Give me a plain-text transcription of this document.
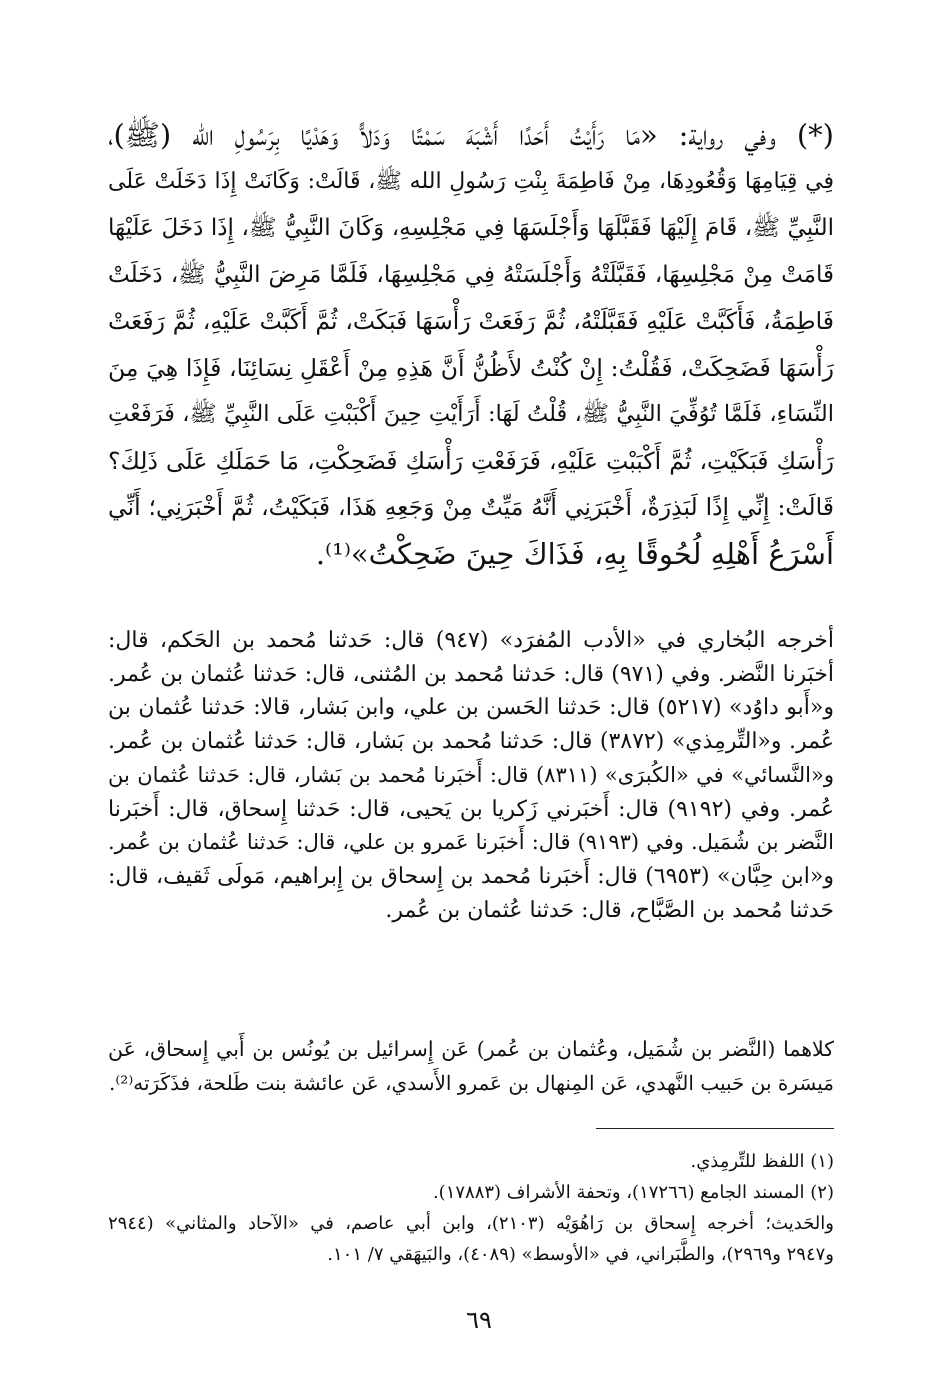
(*) وفي رواية: «مَا رَأَيْتُ أَحَدًا أَشْبَهَ سَمْتًا وَدَلاًّ وَهَدْيًا بِرَسُولِ الله (ﷺ)،
فِي قِيَامِهَا وَقُعُودِهَا، مِنْ فَاطِمَةَ بِنْتِ رَسُولِ الله ﷺ، قَالَتْ: وَكَانَتْ إِذَا دَخَلَتْ عَلَى
النَّبِيِّ ﷺ، قَامَ إِلَيْهَا فَقَبَّلَهَا وَأَجْلَسَهَا فِي مَجْلِسِهِ، وَكَانَ النَّبِيُّ ﷺ، إِذَا دَخَلَ عَلَيْهَا
قَامَتْ مِنْ مَجْلِسِهَا، فَقَبَّلَتْهُ وَأَجْلَسَتْهُ فِي مَجْلِسِهَا، فَلَمَّا مَرِضَ النَّبِيُّ ﷺ، دَخَلَتْ
فَاطِمَةُ، فَأَكَبَّتْ عَلَيْهِ فَقَبَّلَتْهُ، ثُمَّ رَفَعَتْ رَأْسَهَا فَبَكَتْ، ثُمَّ أَكَبَّتْ عَلَيْهِ، ثُمَّ رَفَعَتْ
رَأْسَهَا فَضَحِكَتْ، فَقُلْتُ: إِنْ كُنْتُ لأَظُنُّ أَنَّ هَذِهِ مِنْ أَعْقَلِ نِسَائِنَا، فَإِذَا هِيَ مِنَ
النِّسَاءِ، فَلَمَّا تُوُفِّيَ النَّبِيُّ ﷺ، قُلْتُ لَهَا: أَرَأَيْتِ حِينَ أَكْبَبْتِ عَلَى النَّبِيِّ ﷺ، فَرَفَعْتِ
رَأْسَكِ فَبَكَيْتِ، ثُمَّ أَكْبَبْتِ عَلَيْهِ، فَرَفَعْتِ رَأْسَكِ فَضَحِكْتِ، مَا حَمَلَكِ عَلَى ذَلِكَ؟
قَالَتْ: إِنِّي إِذًا لَبَذِرَةٌ، أَخْبَرَنِي أَنَّهُ مَيِّتٌ مِنْ وَجَعِهِ هَذَا، فَبَكَيْتُ، ثُمَّ أَخْبَرَنِي؛ أَنِّي
أَسْرَعُ أَهْلِهِ لُحُوقًا بِهِ، فَذَاكَ حِينَ ضَحِكْتُ»⁽¹⁾.
أخرجه البُخاري في «الأدب المُفرَد» (٩٤٧) قال: حَدثنا مُحمد بن الحَكم، قال:
أخبَرنا النَّضر. وفي (٩٧١) قال: حَدثنا مُحمد بن المُثنى، قال: حَدثنا عُثمان بن عُمر.
و«أَبو داوُد» (٥٢١٧) قال: حَدثنا الحَسن بن علي، وابن بَشار، قالا: حَدثنا عُثمان بن
عُمر. و«التِّرمِذي» (٣٨٧٢) قال: حَدثنا مُحمد بن بَشار، قال: حَدثنا عُثمان بن عُمر.
و«النَّسائي» في «الكُبرَى» (٨٣١١) قال: أَخبَرنا مُحمد بن بَشار، قال: حَدثنا عُثمان بن
عُمر. وفي (٩١٩٢) قال: أَخبَرني زَكريا بن يَحيى، قال: حَدثنا إِسحاق، قال: أَخبَرنا
النَّضر بن شُمَيل. وفي (٩١٩٣) قال: أَخبَرنا عَمرو بن علي، قال: حَدثنا عُثمان بن عُمر.
و«ابن حِبَّان» (٦٩٥٣) قال: أَخبَرنا مُحمد بن إِسحاق بن إِبراهيم، مَولَى ثَقيف، قال:
حَدثنا مُحمد بن الصَّبَّاح، قال: حَدثنا عُثمان بن عُمر.
كلاهما (النَّضر بن شُمَيل، وعُثمان بن عُمر) عَن إِسرائيل بن يُونُس بن أَبي إِسحاق، عَن
مَيسَرة بن حَبيب النَّهدي، عَن المِنهال بن عَمرو الأَسدي، عَن عائشة بنت طَلحة، فذَكَرَته⁽²⁾.
(١) اللفظ للتِّرمِذي.
(٢) المسند الجامع (١٧٢٦٦)، وتحفة الأشراف (١٧٨٨٣).
والحَديث؛ أخرجه إِسحاق بن رَاهُوَيْه (٢١٠٣)، وابن أبي عاصم، في «الآحاد والمثاني» (٢٩٤٤
و٢٩٤٧ و٢٩٦٩)، والطَّبَراني، في «الأوسط» (٤٠٨٩)، والبَيهَقي ٧/ ١٠١.
٦٩
